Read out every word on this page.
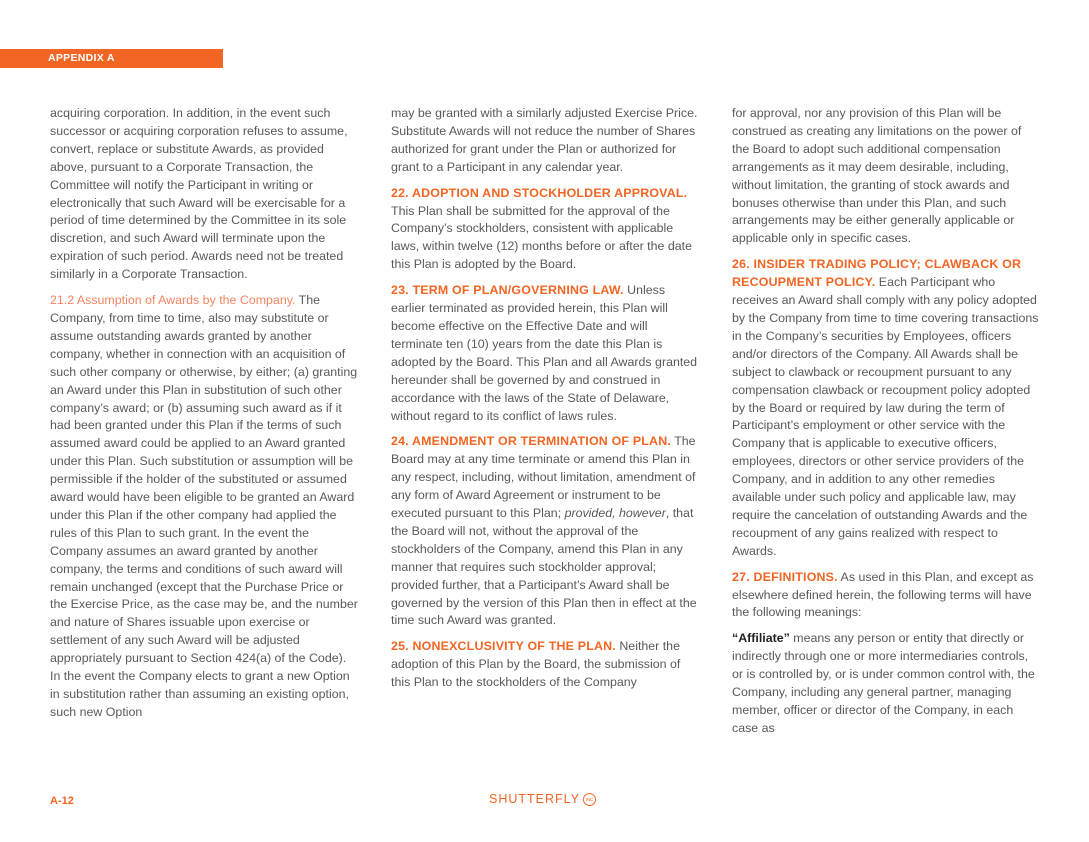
APPENDIX A

acquiring corporation. In addition, in the event such successor or acquiring corporation refuses to assume, convert, replace or substitute Awards, as provided above, pursuant to a Corporate Transaction, the Committee will notify the Participant in writing or electronically that such Award will be exercisable for a period of time determined by the Committee in its sole discretion, and such Award will terminate upon the expiration of such period. Awards need not be treated similarly in a Corporate Transaction.

21.2 Assumption of Awards by the Company. The Company, from time to time, also may substitute or assume outstanding awards granted by another company, whether in connection with an acquisition of such other company or otherwise, by either; (a) granting an Award under this Plan in substitution of such other company’s award; or (b) assuming such award as if it had been granted under this Plan if the terms of such assumed award could be applied to an Award granted under this Plan. Such substitution or assumption will be permissible if the holder of the substituted or assumed award would have been eligible to be granted an Award under this Plan if the other company had applied the rules of this Plan to such grant. In the event the Company assumes an award granted by another company, the terms and conditions of such award will remain unchanged (except that the Purchase Price or the Exercise Price, as the case may be, and the number and nature of Shares issuable upon exercise or settlement of any such Award will be adjusted appropriately pursuant to Section 424(a) of the Code). In the event the Company elects to grant a new Option in substitution rather than assuming an existing option, such new Option

may be granted with a similarly adjusted Exercise Price. Substitute Awards will not reduce the number of Shares authorized for grant under the Plan or authorized for grant to a Participant in any calendar year.

22. ADOPTION AND STOCKHOLDER APPROVAL. This Plan shall be submitted for the approval of the Company’s stockholders, consistent with applicable laws, within twelve (12) months before or after the date this Plan is adopted by the Board.

23. TERM OF PLAN/GOVERNING LAW. Unless earlier terminated as provided herein, this Plan will become effective on the Effective Date and will terminate ten (10) years from the date this Plan is adopted by the Board. This Plan and all Awards granted hereunder shall be governed by and construed in accordance with the laws of the State of Delaware, without regard to its conflict of laws rules.

24. AMENDMENT OR TERMINATION OF PLAN. The Board may at any time terminate or amend this Plan in any respect, including, without limitation, amendment of any form of Award Agreement or instrument to be executed pursuant to this Plan; provided, however, that the Board will not, without the approval of the stockholders of the Company, amend this Plan in any manner that requires such stockholder approval; provided further, that a Participant’s Award shall be governed by the version of this Plan then in effect at the time such Award was granted.

25. NONEXCLUSIVITY OF THE PLAN. Neither the adoption of this Plan by the Board, the submission of this Plan to the stockholders of the Company

for approval, nor any provision of this Plan will be construed as creating any limitations on the power of the Board to adopt such additional compensation arrangements as it may deem desirable, including, without limitation, the granting of stock awards and bonuses otherwise than under this Plan, and such arrangements may be either generally applicable or applicable only in specific cases.

26. INSIDER TRADING POLICY; CLAWBACK OR RECOUPMENT POLICY. Each Participant who receives an Award shall comply with any policy adopted by the Company from time to time covering transactions in the Company’s securities by Employees, officers and/or directors of the Company. All Awards shall be subject to clawback or recoupment pursuant to any compensation clawback or recoupment policy adopted by the Board or required by law during the term of Participant’s employment or other service with the Company that is applicable to executive officers, employees, directors or other service providers of the Company, and in addition to any other remedies available under such policy and applicable law, may require the cancelation of outstanding Awards and the recoupment of any gains realized with respect to Awards.

27. DEFINITIONS. As used in this Plan, and except as elsewhere defined herein, the following terms will have the following meanings:

“Affiliate” means any person or entity that directly or indirectly through one or more intermediaries controls, or is controlled by, or is under common control with, the Company, including any general partner, managing member, officer or director of the Company, in each case as

A-12	SHUTTERFLY	INC
